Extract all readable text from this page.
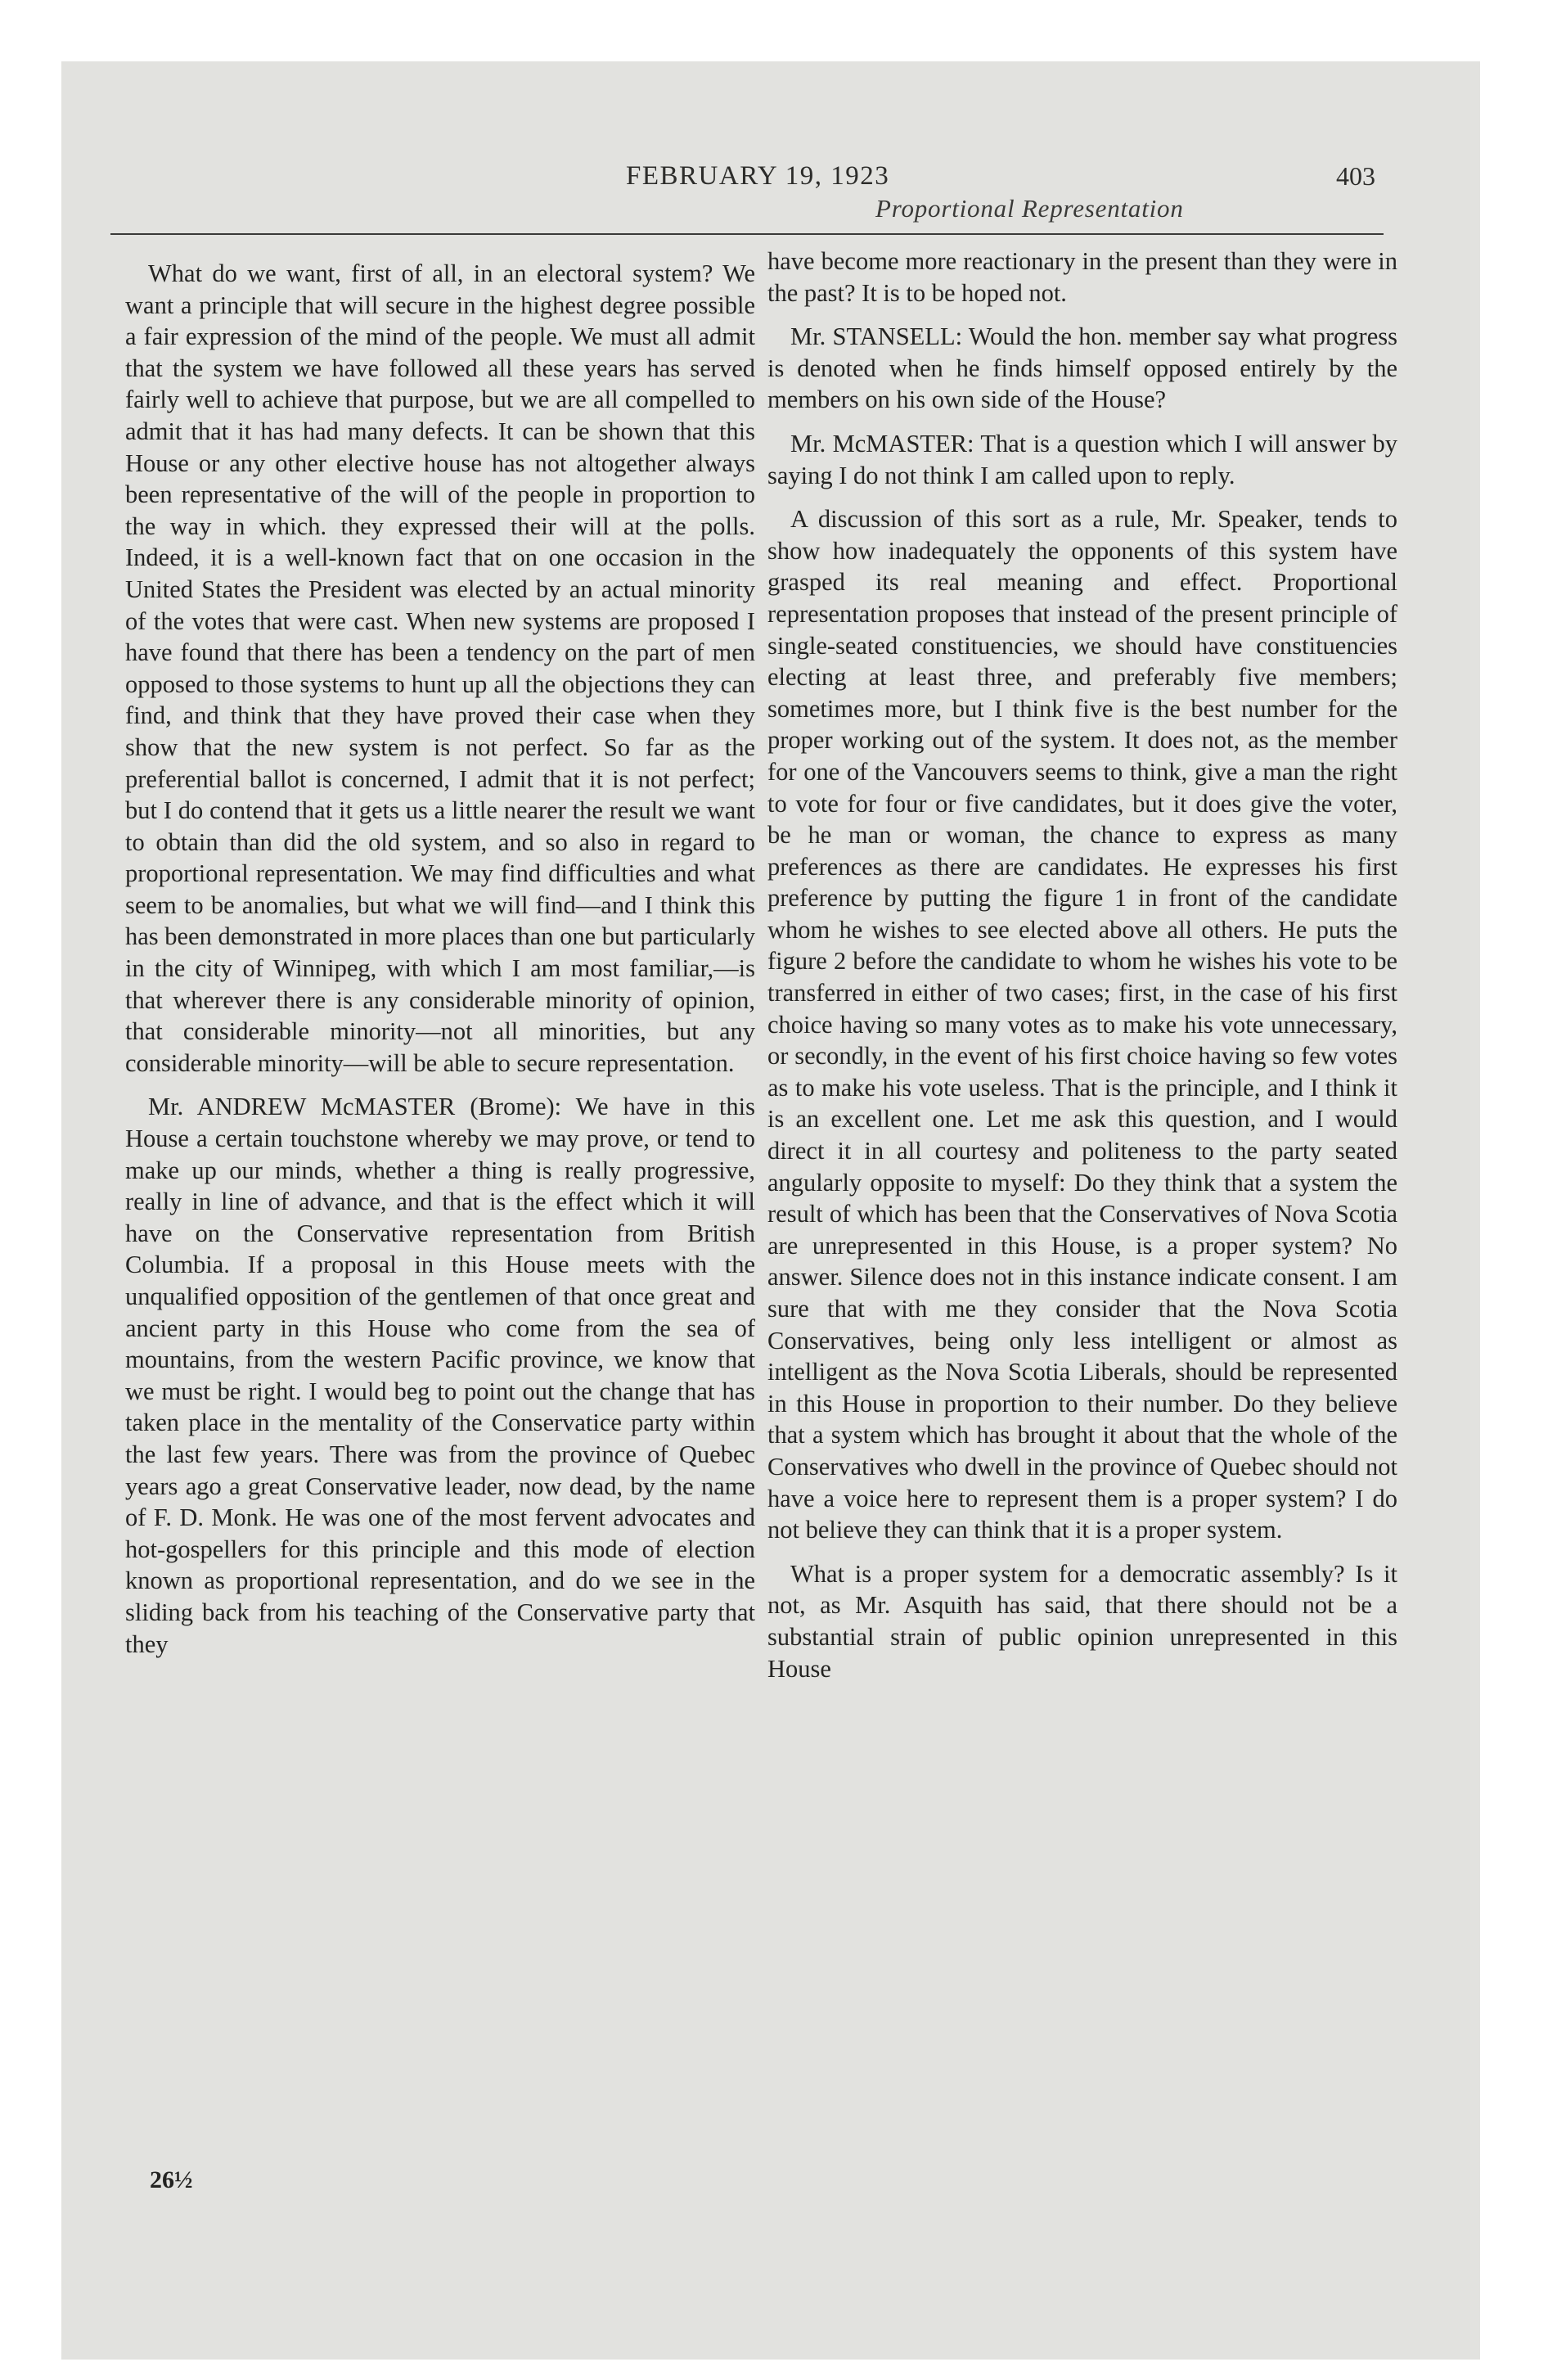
FEBRUARY 19, 1923	403
Proportional Representation

What do we want, first of all, in an electoral system? We want a principle that will secure in the highest degree possible a fair expression of the mind of the people. We must all admit that the system we have followed all these years has served fairly well to achieve that purpose, but we are all compelled to admit that it has had many defects. It can be shown that this House or any other elective house has not altogether always been representative of the will of the people in proportion to the way in which. they expressed their will at the polls. Indeed, it is a well-known fact that on one occasion in the United States the President was elected by an actual minority of the votes that were cast. When new systems are proposed I have found that there has been a tendency on the part of men opposed to those systems to hunt up all the objections they can find, and think that they have proved their case when they show that the new system is not perfect. So far as the preferential ballot is concerned, I admit that it is not perfect; but I do contend that it gets us a little nearer the result we want to obtain than did the old system, and so also in regard to proportional representation. We may find difficulties and what seem to be anomalies, but what we will find—and I think this has been demonstrated in more places than one but particularly in the city of Winnipeg, with which I am most familiar,—is that wherever there is any considerable minority of opinion, that considerable minority—not all minorities, but any considerable minority—will be able to secure representation.

Mr. ANDREW McMASTER (Brome): We have in this House a certain touchstone whereby we may prove, or tend to make up our minds, whether a thing is really progressive, really in line of advance, and that is the effect which it will have on the Conservative representation from British Columbia. If a proposal in this House meets with the unqualified opposition of the gentlemen of that once great and ancient party in this House who come from the sea of mountains, from the western Pacific province, we know that we must be right. I would beg to point out the change that has taken place in the mentality of the Conservatice party within the last few years. There was from the province of Quebec years ago a great Conservative leader, now dead, by the name of F. D. Monk. He was one of the most fervent advocates and hot-gospellers for this principle and this mode of election known as proportional representation, and do we see in the sliding back from his teaching of the Conservative party that they

have become more reactionary in the present than they were in the past? It is to be hoped not.

Mr. STANSELL: Would the hon. member say what progress is denoted when he finds himself opposed entirely by the members on his own side of the House?

Mr. McMASTER: That is a question which I will answer by saying I do not think I am called upon to reply.

A discussion of this sort as a rule, Mr. Speaker, tends to show how inadequately the opponents of this system have grasped its real meaning and effect. Proportional representation proposes that instead of the present principle of single-seated constituencies, we should have constituencies electing at least three, and preferably five members; sometimes more, but I think five is the best number for the proper working out of the system. It does not, as the member for one of the Vancouvers seems to think, give a man the right to vote for four or five candidates, but it does give the voter, be he man or woman, the chance to express as many preferences as there are candidates. He expresses his first preference by putting the figure 1 in front of the candidate whom he wishes to see elected above all others. He puts the figure 2 before the candidate to whom he wishes his vote to be transferred in either of two cases; first, in the case of his first choice having so many votes as to make his vote unnecessary, or secondly, in the event of his first choice having so few votes as to make his vote useless. That is the principle, and I think it is an excellent one. Let me ask this question, and I would direct it in all courtesy and politeness to the party seated angularly opposite to myself: Do they think that a system the result of which has been that the Conservatives of Nova Scotia are unrepresented in this House, is a proper system? No answer. Silence does not in this instance indicate consent. I am sure that with me they consider that the Nova Scotia Conservatives, being only less intelligent or almost as intelligent as the Nova Scotia Liberals, should be represented in this House in proportion to their number. Do they believe that a system which has brought it about that the whole of the Conservatives who dwell in the province of Quebec should not have a voice here to represent them is a proper system? I do not believe they can think that it is a proper system.

What is a proper system for a democratic assembly? Is it not, as Mr. Asquith has said, that there should not be a substantial strain of public opinion unrepresented in this House

26½
